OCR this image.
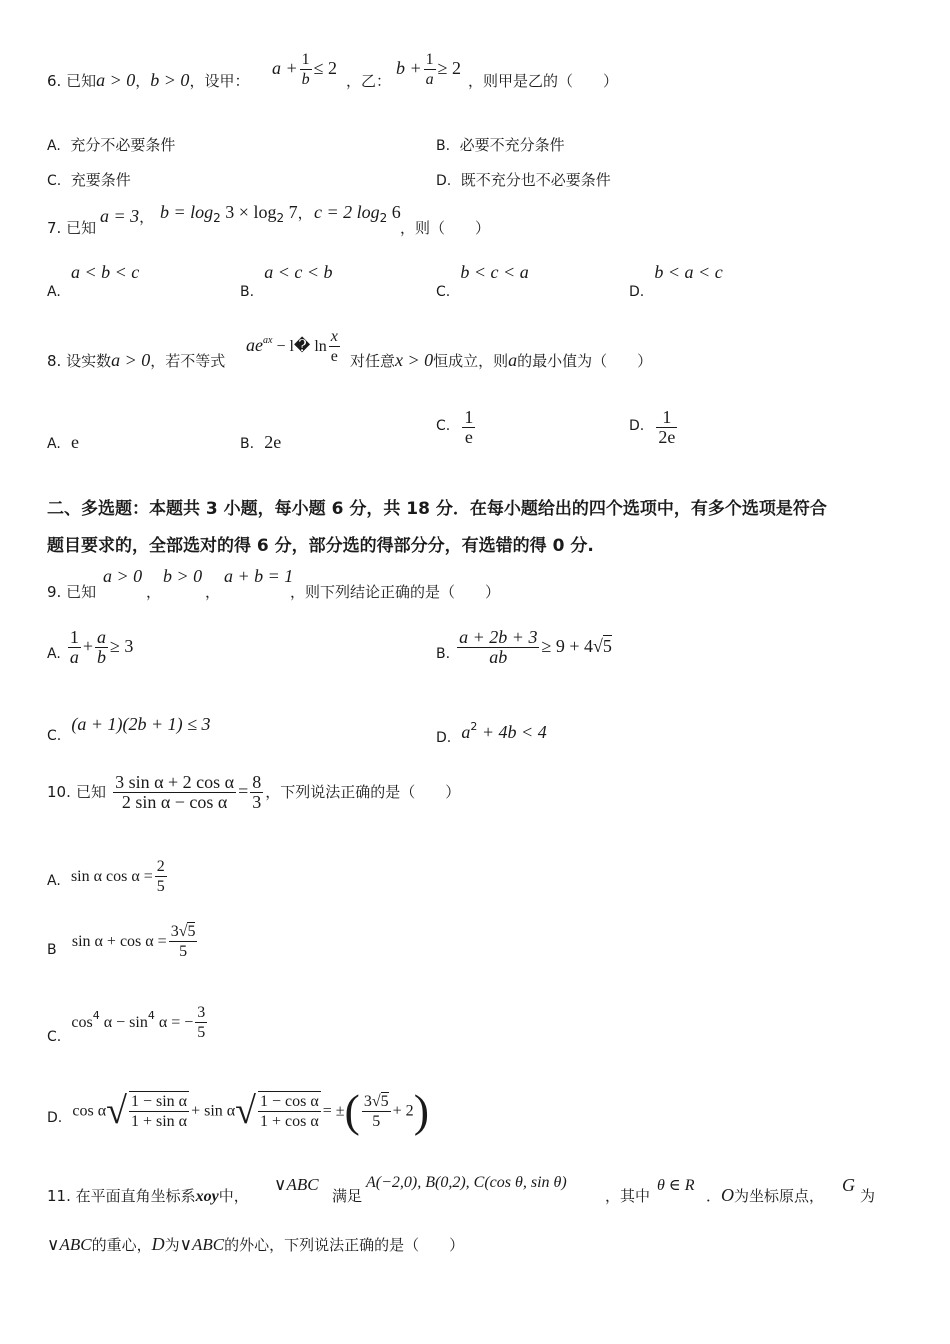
6. 已知a > 0，b > 0，设甲：
$a + \frac{1}{b} \le 2$
，乙：
$b + \frac{1}{a} \ge 2$
，则甲是乙的（　　）
A. 充分不必要条件	B. 必要不充分条件
C. 充要条件	D. 既不充分也不必要条件
7. 已知
a = 3， $b = \log_2 3 \times \log_2 7$， c = 2 $\log_2 6$
，则（　　）
A.  a < b < c
B.  a < c < b
C.  b < c < a
D.  b < a < c
8. 设实数a > 0，若不等式
$ae^{ax}$ − l� $\ln \frac{x}{e}$ 对任意x > 0恒成立，则a的最小值为（　　）
A. e	B. 2e
C. $\frac{1}{e}$	D. $\frac{1}{2e}$
二、多选题：本题共 3 小题，每小题 6 分，共 18 分．在每小题给出的四个选项中，有多个选项是符合
题目要求的，全部选对的得 6 分，部分选的得部分分，有选错的得 0 分.
9. 已知
a > 0
，
b > 0
，
a + b = 1
，则下列结论正确的是（　　）
A. $\frac{1}{a} + \frac{a}{b} \ge 3$	B. $\frac{a + 2b + 3}{ab} \ge 9 + 4√5$
C.  (a + 1)(2b + 1) ≤ 3
D. $a^2 + 4b < 4$
10. 已知 $\frac{\text{3 sin α + 2 cos α}}{\text{2 sin α − cos α}} = \frac{8}{3}$ ，下列说法正确的是（　　）
A. sin α $\cos \alpha = \frac{2}{5}$
B $\sin \alpha + \cos \alpha = \frac{3√5}{5}$
C.  $\cos^4 \alpha - \sin^4 \alpha$ = − $\frac{3}{5}$
D. $\cos \alpha√ \frac{\text{1 − sin α}}{\text{1 + sin α}} + \sin \alpha√ \frac{\text{1 − cos α}}{\text{1 + cos α}}$ = ±( $\frac{3√5}{5} + 2$)
11. 在平面直角坐标系xoy中，
∨ABC
满足
A(−2,0), B(0,2), C(cos θ, sin θ)
，其中
θ ∈ R
．O为坐标原点，
G
为
∨ABC的重心，D为∨ABC的外心，下列说法正确的是（　　）
